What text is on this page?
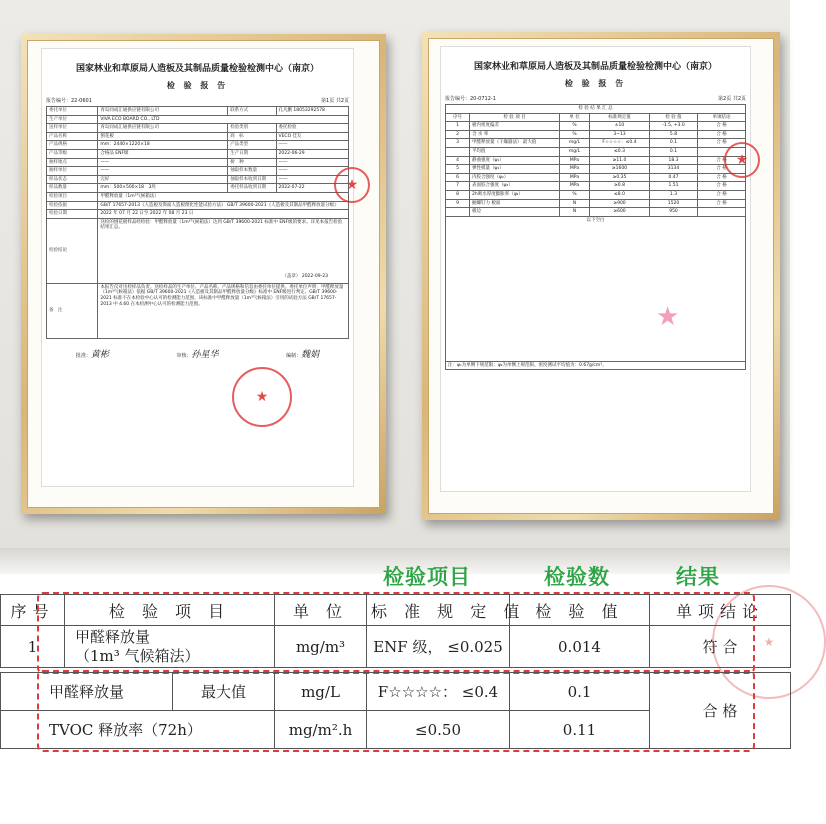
国家林业和草原局人造板及其制品质量检验检测中心（南京）
检 验 报 告
报告编号：22-0601	第1页 共2页
委托单位	青岛同成汇通供应链有限公司	联系方式	孔凡鹏 18053292578
生产单位	VIVA ECO BOARD CO., LTD		
送样单位	青岛同成汇通供应链有限公司	检验类别	委托检验
产品名称	刨花板	商　标	VECO 佳友
产品规格	mm：2440×1220×18	产品类型	——
产品等级	合格品 ENF级	生产日期	2022-06-29
抽样地点	——	树　种	——
抽样单位	——	抽取样本数量	——
样品状态	完好	抽取样本收到日期	——
样品数量	mm：500×500×18　3块	委托样品收到日期	2022-07-22
检验项目	甲醛释放量（1m³气候箱法）		
检验依据	GB/T 17657-2013《人造板及饰面人造板理化性能试验方法》 GB/T 39600-2021《人造板及其制品甲醛释放量分级》		
检验日期	2022 年 07 月 22 日至 2022 年 08 月 23 日		
检验结论	送检的刨花板样品经检验：甲醛释放量（1m³气候箱法）达到 GB/T 39600-2021 标准中 ENF级的要求。详见本报告检验结果汇总。
（盖章） 2022-09-23		

备　注	本报告仅对送检样品负责。送检样品的生产单位、产品名称、产品规格和信息由委托单位提供。委托单位声明：甲醛释放量（1m³气候箱法）依据 GB/T 39600-2021《人造板及其制品甲醛释放量分级》标准中 ENF级进行判定。GB/T 39600-2021 标准不在本检验中心认可的检测能力范围，该标准中甲醛释放量（1m³气候箱法）引用的试验方法 GB/T 17657-2013 中 4.60 在本检测中心认可的检测能力范围。		
批准：黄彬	审核：孙星华	编制：魏娟
★
★
国家林业和草原局人造板及其制品质量检验检测中心（南京）
检 验 报 告
报告编号：20-0712-1	第2页 共2页
检 验 结 果 汇 总					
序号	检 验 项 目	单 位	标准规定值	检 验 值	单项结论
1	板内密度偏差	%	±10	-1.5, +3.0	合 格
2	含 水 率	%	3~13	5.8	合 格
3	甲醛释放量（干燥器法） 最大值	mg/L	F☆☆☆☆：≤0.4	0.1	合 格
	平均值	mg/L	≤0.3	0.1	
4	静曲强度（ψ₁）	MPa	≥11.0	18.3	合 格
5	弹性模量（ψ₁）	MPa	≥1600	3134	合 格
6	内胶合强度（ψ₂）	MPa	≥0.35	0.47	合 格
7	表面胶合强度（ψ₂）	MPa	≥0.8	1.51	合 格
8	2h吸水厚度膨胀率（ψ₂）	%	≤8.0	1.3	合 格
9	握螺钉力 板面	N	≥900	1520	合 格
	板边	N	≥600	950	

以下空白					

注：ψ₁为单侧下规范限；ψ₂为单侧上规范限。密度测试平均值为：0.67g/cm³。					
★
★
检验项目	检验数	结果
★
序号	检 验 项 目	单 位	标 准 规 定 值	检 验 值	单项结论
1	甲醛释放量
（1m³ 气候箱法）	mg/m³	ENF 级， ≤0.025	0.014	符 合
甲醛释放量	最大值	mg/L	F☆☆☆☆： ≤0.4	0.1	合 格
TVOC 释放率（72h）		mg/m².h	≤0.50	0.11	
